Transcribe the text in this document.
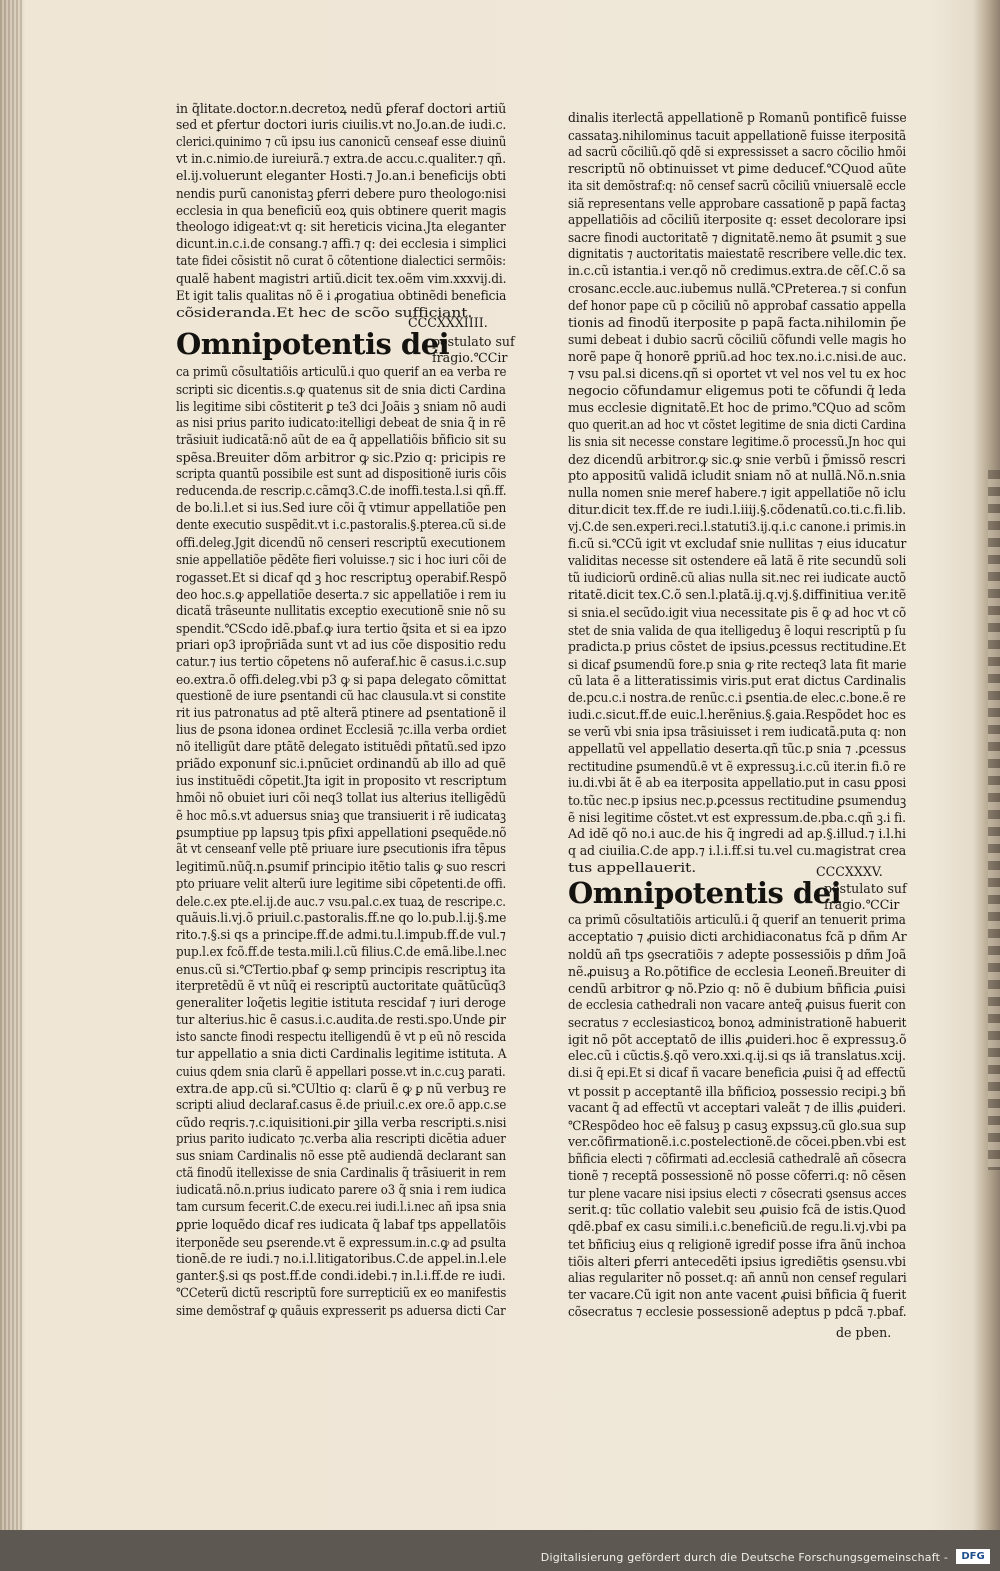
in q̃litate.doctor.n.decretoꝝ nedũ ꝑferaf doctori artiũ
sed et ꝑfertur doctori iuris ciuilis.vt no.Jo.an.de iudi.c.
clerici.quinimo ⁊ cũ ipsu ius canonicũ censeaf esse diuinũ
vt in.c.nimio.de iureiurã.⁊ extra.de accu.c.qualiter.⁊ qñ.
el.ij.voluerunt eleganter Hosti.⁊ Jo.an.i beneficijs obti
nendis purũ canonistaꝫ ꝑferri debere puro theologo:nisi
ecclesia in qua beneficiũ eoꝝ quis obtinere querit magis
theologo idigeat:vt q: sit hereticis vicina.Jta eleganter
dicunt.in.c.i.de consang.⁊ affi.⁊ q: dei ecclesia i simplici
tate fidei cõsistit nõ curat õ cõtentione dialectici sermõis:
qualẽ habent magistri artiũ.dicit tex.oẽm vim.xxxvij.di.
Et igit talis qualitas nõ ẽ i ꝓrogatiua obtinẽdi beneficia
cõsideranda.Et hec de scõo sufficiant.
CCCXXXIIII.
Omnipotentis dei
postulato suf
fragio.℃Cir
ca primũ cõsultatiõis articulũ.i quo querif an ea verba re
scripti sic dicentis.s.ꝙ quatenus sit de snia dicti Cardina
lis legitime sibi cõstiterit ꝑ te3 dci Joãis ꝫ sniam nõ audi
as nisi prius parito iudicato:itelligi debeat de snia q̃ in rẽ
trãsiuit iudicatã:nõ aũt de ea q̃ appellatiõis bñficio sit su
spẽsa.Breuiter dõm arbitror ꝙ sic.Pzio q: pricipis re
scripta quantũ possibile est sunt ad dispositionẽ iuris cõis
reducenda.de rescrip.c.cãmq3.C.de inoffi.testa.l.si qñ.ff.
de bo.li.l.et si ius.Sed iure cõi q̃ vtimur appellatiõe pen
dente executio suspẽdit.vt i.c.pastoralis.§.pterea.cũ si.de
offi.deleg.Jgit dicendũ nõ censeri rescriptũ executionem
snie appellatiõe pẽdẽte fieri voluisse.⁊ sic i hoc iuri cõi de
rogasset.Et si dicaf qd ꝫ hoc rescriptuꝫ operabif.Respõ
deo hoc.s.ꝙ appellatiõe deserta.⁊ sic appellatiõe i rem iu
dicatã trãseunte nullitatis exceptio executionẽ snie nõ su
spendit.℃Scdo idẽ.pbaf.ꝙ iura tertio q̃sita et si ea ipzo
priari op3 iprop̃riãda sunt vt ad ius cõe dispositio redu
catur.⁊ ius tertio cõpetens nõ auferaf.hic ẽ casus.i.c.sup
eo.extra.õ offi.deleg.vbi p3 ꝙ si papa delegato cõmittat
questionẽ de iure ꝑsentandi cũ hac clausula.vt si constite
rit ius patronatus ad ptẽ alterã ptinere ad ꝑsentationẽ il
lius de ꝑsona idonea ordinet Ecclesiã ⁊c.illa verba ordiet
nõ itelligũt dare ptãtẽ delegato istituẽdi pñtatũ.sed ipzo
priãdo exponunf sic.i.pnũciet ordinandũ ab illo ad quẽ
ius instituẽdi cõpetit.Jta igit in proposito vt rescriptum
hmõi nõ obuiet iuri cõi neq3 tollat ius alterius itelligẽdũ
ẽ hoc mõ.s.vt aduersus sniaꝫ que transiuerit i rẽ iudicataꝫ
ꝑsumptiue pp lapsuꝫ tpis ꝑfixi appellationi ꝑsequẽde.nõ
ãt vt censeanf velle ptẽ priuare iure ꝑsecutionis ifra tẽpus
legitimũ.nũq̃.n.ꝑsumif principio itẽtio talis ꝙ suo rescri
pto priuare velit alterũ iure legitime sibi cõpetenti.de offi.
dele.c.ex pte.el.ij.de auc.⁊ vsu.pal.c.ex tuaꝝ de rescripe.c.
quãuis.li.vj.õ priuil.c.pastoralis.ff.ne qo lo.pub.l.ij.§.me
rito.⁊.§.si qs a principe.ff.de admi.tu.l.impub.ff.de vul.⁊
pup.l.ex fcõ.ff.de testa.mili.l.cũ filius.C.de emã.libe.l.nec
enus.cũ si.℃Tertio.pbaf ꝙ semp principis rescriptuꝫ ita
iterpretẽdũ ẽ vt nũq̃ ei rescriptũ auctoritate quãtũcũq3
generaliter loq̃etis legitie istituta rescidaf ⁊ iuri deroge
tur alterius.hic ẽ casus.i.c.audita.de resti.spo.Unde ꝑir
isto sancte finodi respectu itelligendũ ẽ vt p eũ nõ rescida
tur appellatio a snia dicti Cardinalis legitime istituta. A
cuius qdem snia clarũ ẽ appellari posse.vt in.c.cuꝫ parati.
extra.de app.cũ si.℃Ultio q: clarũ ẽ ꝙ ꝑ nũ verbuꝫ re
scripti aliud declaraf.casus ẽ.de priuil.c.ex ore.õ app.c.se
cũdo reqris.⁊.c.iquisitioni.ꝑir ꝫilla verba rescripti.s.nisi
prius parito iudicato ⁊c.verba alia rescripti dicẽtia aduer
sus sniam Cardinalis nõ esse ptẽ audiendã declarant san
ctã finodũ itellexisse de snia Cardinalis q̃ trãsiuerit in rem
iudicatã.nõ.n.prius iudicato parere o3 q̃ snia i rem iudica
tam cursum fecerit.C.de execu.rei iudi.l.i.nec añ ipsa snia
ꝑprie loquẽdo dicaf res iudicata q̃ labaf tps appellatõis
iterponẽde seu ꝑserende.vt ẽ expressum.in.c.ꝙ ad ꝑsulta
tionẽ.de re iudi.⁊ no.i.l.litigatoribus.C.de appel.in.l.ele
ganter.§.si qs post.ff.de condi.idebi.⁊ in.l.i.ff.de re iudi.
℃Ceterũ dictũ rescriptũ fore surrepticiũ ex eo manifestis
sime demõstraf ꝙ quãuis expresserit ps aduersa dicti Car
dinalis iterlectã appellationẽ p Romanũ pontificẽ fuisse
cassataꝫ.nihilominus tacuit appellationẽ fuisse iterpositã
ad sacrũ cõciliũ.qõ qdẽ si expressisset a sacro cõcilio hmõi
rescriptũ nõ obtinuisset vt ꝑime deducef.℃Quod aũte
ita sit demõstraf:q: nõ censef sacrũ cõciliũ vniuersalẽ eccle
siã representans velle approbare cassationẽ p papã factaꝫ
appellatiõis ad cõciliũ iterposite q: esset decolorare ipsi
sacre finodi auctoritatẽ ⁊ dignitatẽ.nemo ãt ꝑsumit ꝫ sue
dignitatis ⁊ auctoritatis maiestatẽ rescribere velle.dic tex.
in.c.cũ istantia.i ver.qõ nõ credimus.extra.de cẽſ.C.õ sa
crosanc.eccle.auc.iubemus nullã.℃Preterea.⁊ si confun
def honor pape cũ p cõciliũ nõ approbaf cassatio appella
tionis ad finodũ iterposite p papã facta.nihilomin p̃e
sumi debeat i dubio sacrũ cõciliũ cõfundi velle magis ho
norẽ pape q̃ honorẽ ꝑpriũ.ad hoc tex.no.i.c.nisi.de auc.
⁊ vsu pal.si dicens.qñ si oportet vt vel nos vel tu ex hoc
negocio cõfundamur eligemus poti te cõfundi q̃ leda
mus ecclesie dignitatẽ.Et hoc de primo.℃Quo ad scõm
quo querit.an ad hoc vt cõstet legitime de snia dicti Cardina
lis snia sit necesse constare legitime.õ processũ.Jn hoc qui
dez dicendũ arbitror.ꝙ sic.ꝙ snie verbũ i p̃missõ rescri
pto appositũ validã icludit sniam nõ at nullã.Nõ.n.snia
nulla nomen snie meref habere.⁊ igit appellatiõe nõ iclu
ditur.dicit tex.ff.de re iudi.l.iiij.§.cõdenatũ.co.ti.c.fi.lib.
vj.C.de sen.experi.reci.l.statuti3.ij.q.i.c canone.i primis.in
fi.cũ si.℃Cũ igit vt excludaf snie nullitas ⁊ eius iducatur
validitas necesse sit ostendere eã latã ẽ rite secundũ soli
tũ iudiciorũ ordinẽ.cũ alias nulla sit.nec rei iudicate auctõ
ritatẽ.dicit tex.C.õ sen.l.platã.ij.q.vj.§.diffinitiua ver.itẽ
si snia.el secũdo.igit viua necessitate ꝑis ẽ ꝙ ad hoc vt cõ
stet de snia valida de qua itelligeduꝫ ẽ loqui rescriptũ p ſu
pradicta.p prius cõstet de ipsius.ꝑcessus rectitudine.Et
si dicaf ꝑsumendũ fore.p snia ꝙ rite recteq3 lata fit marie
cũ lata ẽ a litteratissimis viris.put erat dictus Cardinalis
de.pcu.c.i nostra.de renũc.c.i ꝑsentia.de elec.c.bone.ẽ re
iudi.c.sicut.ff.de euic.l.herẽnius.§.gaia.Respõdet hoc es
se verũ vbi snia ipsa trãsiuisset i rem iudicatã.puta q: non
appellatũ vel appellatio deserta.qñ tũc.p snia ⁊ .ꝑcessus
rectitudine ꝑsumendũ.ẽ vt ẽ expressuꝫ.i.c.cũ iter.in fi.õ re
iu.di.vbi ãt ẽ ab ea iterposita appellatio.put in casu ꝑposi
to.tũc nec.p ipsius nec.p.ꝑcessus rectitudine ꝑsumenduꝫ
ẽ nisi legitime cõstet.vt est expressum.de.pba.c.qñ ꝫ.i fi.
Ad idẽ qõ no.i auc.de his q̃ ingredi ad ap.§.illud.⁊ i.l.hi
q ad ciuilia.C.de app.⁊ i.l.i.ff.si tu.vel cu.magistrat crea
tus appellauerit.	CCCXXXV.
Omnipotentis dei
postulato suf
fragio.℃Cir
ca primũ cõsultatiõis articulũ.i q̃ querif an tenuerit prima
acceptatio ⁊ ꝓuisio dicti archidiaconatus fcã p dñm Ar
noldũ añ tps ꝯsecratiõis ⁊ adepte possessiõis p dñm Joã
nẽ.ꝓuisuꝫ a Ro.põtifice de ecclesia Leoneñ.Breuiter di
cendũ arbitror ꝙ nõ.Pzio q: nõ ẽ dubium bñficia ꝓuisi
de ecclesia cathedrali non vacare anteq̃ ꝓuisus fuerit con
secratus ⁊ ecclesiasticoꝝ bonoꝝ administrationẽ habuerit
igit nõ põt acceptatõ de illis ꝓuideri.hoc ẽ expressuꝫ.õ
elec.cũ i cũctis.§.qõ vero.xxi.q.ij.si qs iã translatus.xcij.
di.si q̃ epi.Et si dicaf ñ vacare beneficia ꝓuisi q̃ ad effectũ
vt possit p acceptantẽ illa bñficioꝝ possessio recipi.ꝫ bñ
vacant q̃ ad effectũ vt acceptari valeãt ⁊ de illis ꝓuideri.
℃Respõdeo hoc eẽ falsuꝫ p casuꝫ expssuꝫ.cũ glo.sua sup
ver.cõfirmationẽ.i.c.postelectionẽ.de cõcei.pben.vbi est
bñficia electi ⁊ cõfirmati ad.ecclesiã cathedralẽ añ cõsecra
tionẽ ⁊ receptã possessionẽ nõ posse cõferri.q: nõ cẽsen
tur plene vacare nisi ipsius electi ⁊ cõsecrati ꝯsensus acces
serit.q: tũc collatio valebit seu ꝓuisio fcã de istis.Quod
qdẽ.pbaf ex casu simili.i.c.beneficiũ.de regu.li.vj.vbi pa
tet bñficiuꝫ eius q religionẽ igredif posse ifra ãnũ inchoa
tiõis alteri ꝑferri antecedẽti ipsius igrediẽtis ꝯsensu.vbi
alias regulariter nõ posset.q: añ annũ non censef regulari
ter vacare.Cũ igit non ante vacent ꝓuisi bñficia q̃ fuerit
cõsecratus ⁊ ecclesie possessionẽ adeptus p pdcã ⁊.pbaf.
de pben.
Digitalisierung gefördert durch die Deutsche Forschungsgemeinschaft -	DFG
